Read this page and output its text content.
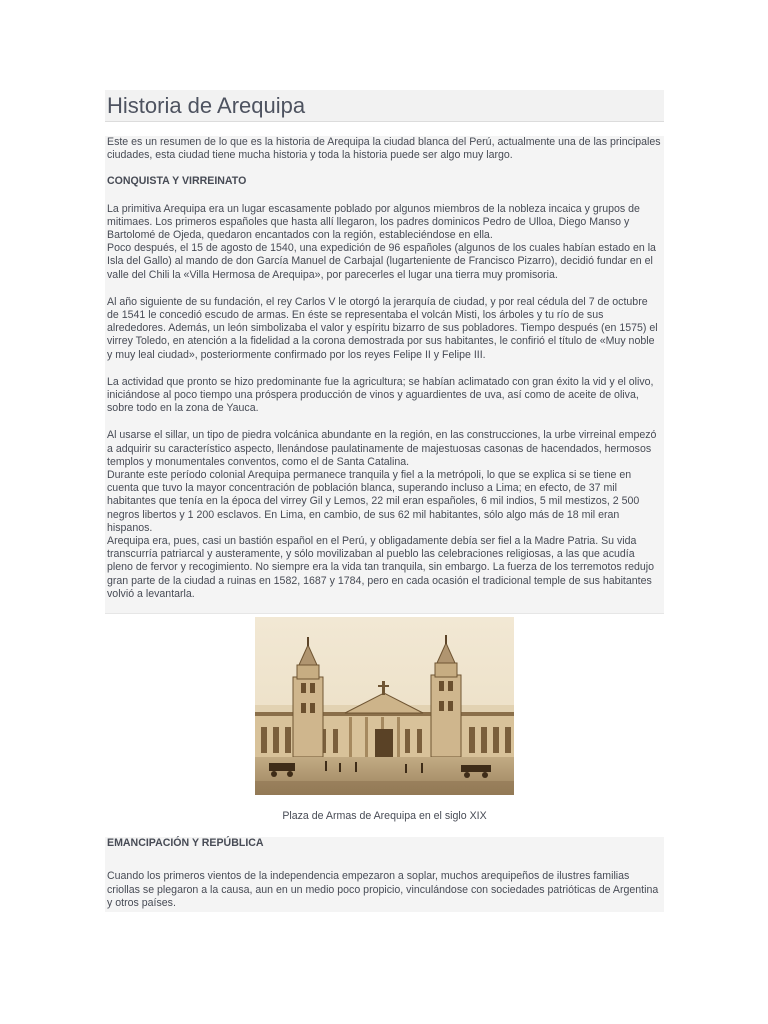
Historia de Arequipa

Este es un resumen de lo que es la historia de Arequipa la ciudad blanca del Perú, actualmente una de las principales ciudades, esta ciudad tiene mucha historia y toda la historia puede ser algo muy largo.

CONQUISTA Y VIRREINATO

La primitiva Arequipa era un lugar escasamente poblado por algunos miembros de la nobleza incaica y grupos de mitimaes. Los primeros españoles que hasta allí llegaron, los padres dominicos Pedro de Ulloa, Diego Manso y Bartolomé de Ojeda, quedaron encantados con la región, estableciéndose en ella.

Poco después, el 15 de agosto de 1540, una expedición de 96 españoles (algunos de los cuales habían estado en la Isla del Gallo) al mando de don García Manuel de Carbajal (lugarteniente de Francisco Pizarro), decidió fundar en el valle del Chili la «Villa Hermosa de Arequipa», por parecerles el lugar una tierra muy promisoria.

Al año siguiente de su fundación, el rey Carlos V le otorgó la jerarquía de ciudad, y por real cédula del 7 de octubre de 1541 le concedió escudo de armas. En éste se representaba el volcán Misti, los árboles y tu río de sus alrededores. Además, un león simbolizaba el valor y espíritu bizarro de sus pobladores. Tiempo después (en 1575) el virrey Toledo, en atención a la fidelidad a la corona demostrada por sus habitantes, le confirió el título de «Muy noble y muy leal ciudad», posteriormente confirmado por los reyes Felipe II y Felipe III.

La actividad que pronto se hizo predominante fue la agricultura; se habían aclimatado con gran éxito la vid y el olivo, iniciándose al poco tiempo una próspera producción de vinos y aguardientes de uva, así como de aceite de oliva, sobre todo en la zona de Yauca.

Al usarse el sillar, un tipo de piedra volcánica abundante en la región, en las construcciones, la urbe virreinal empezó a adquirir su característico aspecto, llenándose paulatinamente de majestuosas casonas de hacendados, hermosos templos y monumentales conventos, como el de Santa Catalina.

Durante este período colonial Arequipa permanece tranquila y fiel a la metrópoli, lo que se explica si se tiene en cuenta que tuvo la mayor concentración de población blanca, superando incluso a Lima; en efecto, de 37 mil habitantes que tenía en la época del virrey Gil y Lemos, 22 mil eran españoles, 6 mil indios, 5 mil mestizos, 2 500 negros libertos y 1 200 esclavos. En Lima, en cambio, de sus 62 mil habitantes, sólo algo más de 18 mil eran hispanos.

Arequipa era, pues, casi un bastión español en el Perú, y obligadamente debía ser fiel a la Madre Patria. Su vida transcurría patriarcal y austeramente, y sólo movilizaban al pueblo las celebraciones religiosas, a las que acudía pleno de fervor y recogimiento. No siempre era la vida tan tranquila, sin embargo. La fuerza de los terremotos redujo gran parte de la ciudad a ruinas en 1582, 1687 y 1784, pero en cada ocasión el tradicional temple de sus habitantes volvió a levantarla.

Plaza de Armas de Arequipa en el siglo XIX

EMANCIPACIÓN Y REPÚBLICA

Cuando los primeros vientos de la independencia empezaron a soplar, muchos arequipeños de ilustres familias criollas se plegaron a la causa, aun en un medio poco propicio, vinculándose con sociedades patrióticas de Argentina y otros países.
